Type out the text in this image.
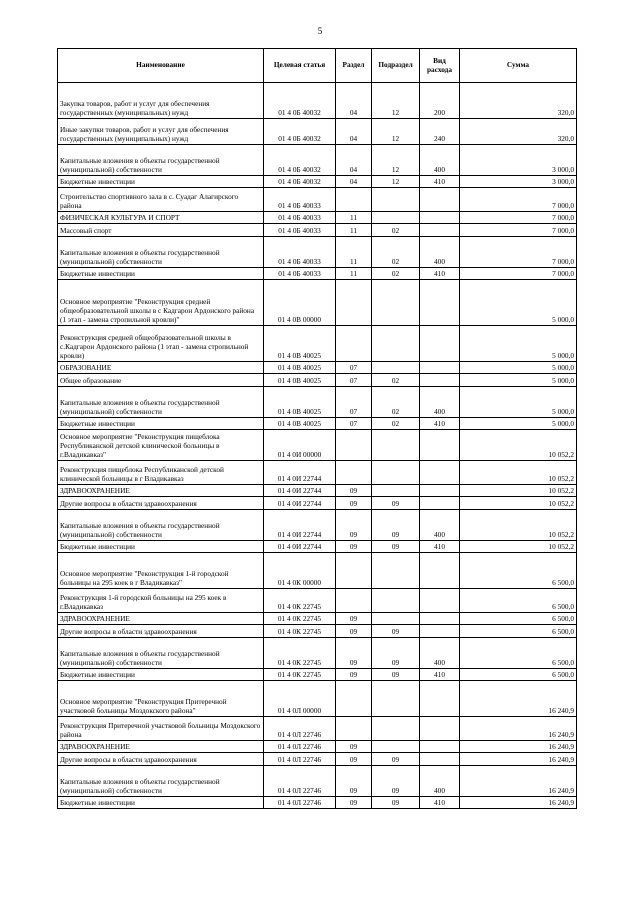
5
Наименование	Целевая статья	Раздел	Подраздел	Вид расхода	Сумма
Закупка товаров, работ и услуг для обеспечения государственных (муниципальных) нужд	01 4 0Б 40032	04	12	200	320,0
Иные закупки товаров, работ и услуг для обеспечения государственных (муниципальных) нужд	01 4 0Б 40032	04	12	240	320,0
Капитальные вложения в объекты государственной (муниципальной) собственности	01 4 0Б 40032	04	12	400	3 000,0
Бюджетные инвестиции	01 4 0Б 40032	04	12	410	3 000,0
Строительство спортивного зала в с. Суадаг Алагирского района	01 4 0Б 40033				7 000,0
ФИЗИЧЕСКАЯ КУЛЬТУРА И СПОРТ	01 4 0Б 40033	11			7 000,0
Массовый спорт	01 4 0Б 40033	11	02		7 000,0
Капитальные вложения в объекты государственной (муниципальной) собственности	01 4 0Б 40033	11	02	400	7 000,0
Бюджетные инвестиции	01 4 0Б 40033	11	02	410	7 000,0
Основное мероприятие "Реконструкция средней общеобразовательной школы в с Кадгарон Ардонского района (1 этап - замена стропильной кровли)"	01 4 0В 00000				5 000,0
Реконструкция средней общеобразовательной школы в с.Кадгарон Ардонского района (1 этап - замена стропильной кровли)	01 4 0В 40025				5 000,0
ОБРАЗОВАНИЕ	01 4 0В 40025	07			5 000,0
Общее образование	01 4 0В 40025	07	02		5 000,0
Капитальные вложения в объекты государственной (муниципальной) собственности	01 4 0В 40025	07	02	400	5 000,0
Бюджетные инвестиции	01 4 0В 40025	07	02	410	5 000,0
Основное мероприятие "Реконструкция пищеблока Республиканской детской клинической больницы в г.Владикавказ"	01 4 0И 00000				10 052,2
Реконструкция пищеблока Республиканской детской клинической больницы в г Владикавказ	01 4 0И 22744				10 052,2
ЗДРАВООХРАНЕНИЕ	01 4 0И 22744	09			10 052,2
Другие вопросы в области здравоохранения	01 4 0И 22744	09	09		10 052,2
Капитальные вложения в объекты государственной (муниципальной) собственности	01 4 0И 22744	09	09	400	10 052,2
Бюджетные инвестиции	01 4 0И 22744	09	09	410	10 052,2
Основное мероприятие "Реконструкция 1-й городской больницы на 295 коек в г Владикавказ"	01 4 0К 00000				6 500,0
Реконструкция 1-й городской больницы на 295 коек в г.Владикавказ	01 4 0К 22745				6 500,0
ЗДРАВООХРАНЕНИЕ	01 4 0К 22745	09			6 500,0
Другие вопросы в области здравоохранения	01 4 0К 22745	09	09		6 500,0
Капитальные вложения в объекты государственной (муниципальной) собственности	01 4 0К 22745	09	09	400	6 500,0
Бюджетные инвестиции	01 4 0К 22745	09	09	410	6 500,0
Основное мероприятие "Реконструкция Притеречной участковой больницы Моздокского района"	01 4 0Л 00000				16 240,9
Реконструкция Притеречной участковой больницы Моздокского района	01 4 0Л 22746				16 240,9
ЗДРАВООХРАНЕНИЕ	01 4 0Л 22746	09			16 240,9
Другие вопросы в области здравоохранения	01 4 0Л 22746	09	09		16 240,9
Капитальные вложения в объекты государственной (муниципальной) собственности	01 4 0Л 22746	09	09	400	16 240,9
Бюджетные инвестиции	01 4 0Л 22746	09	09	410	16 240,9
